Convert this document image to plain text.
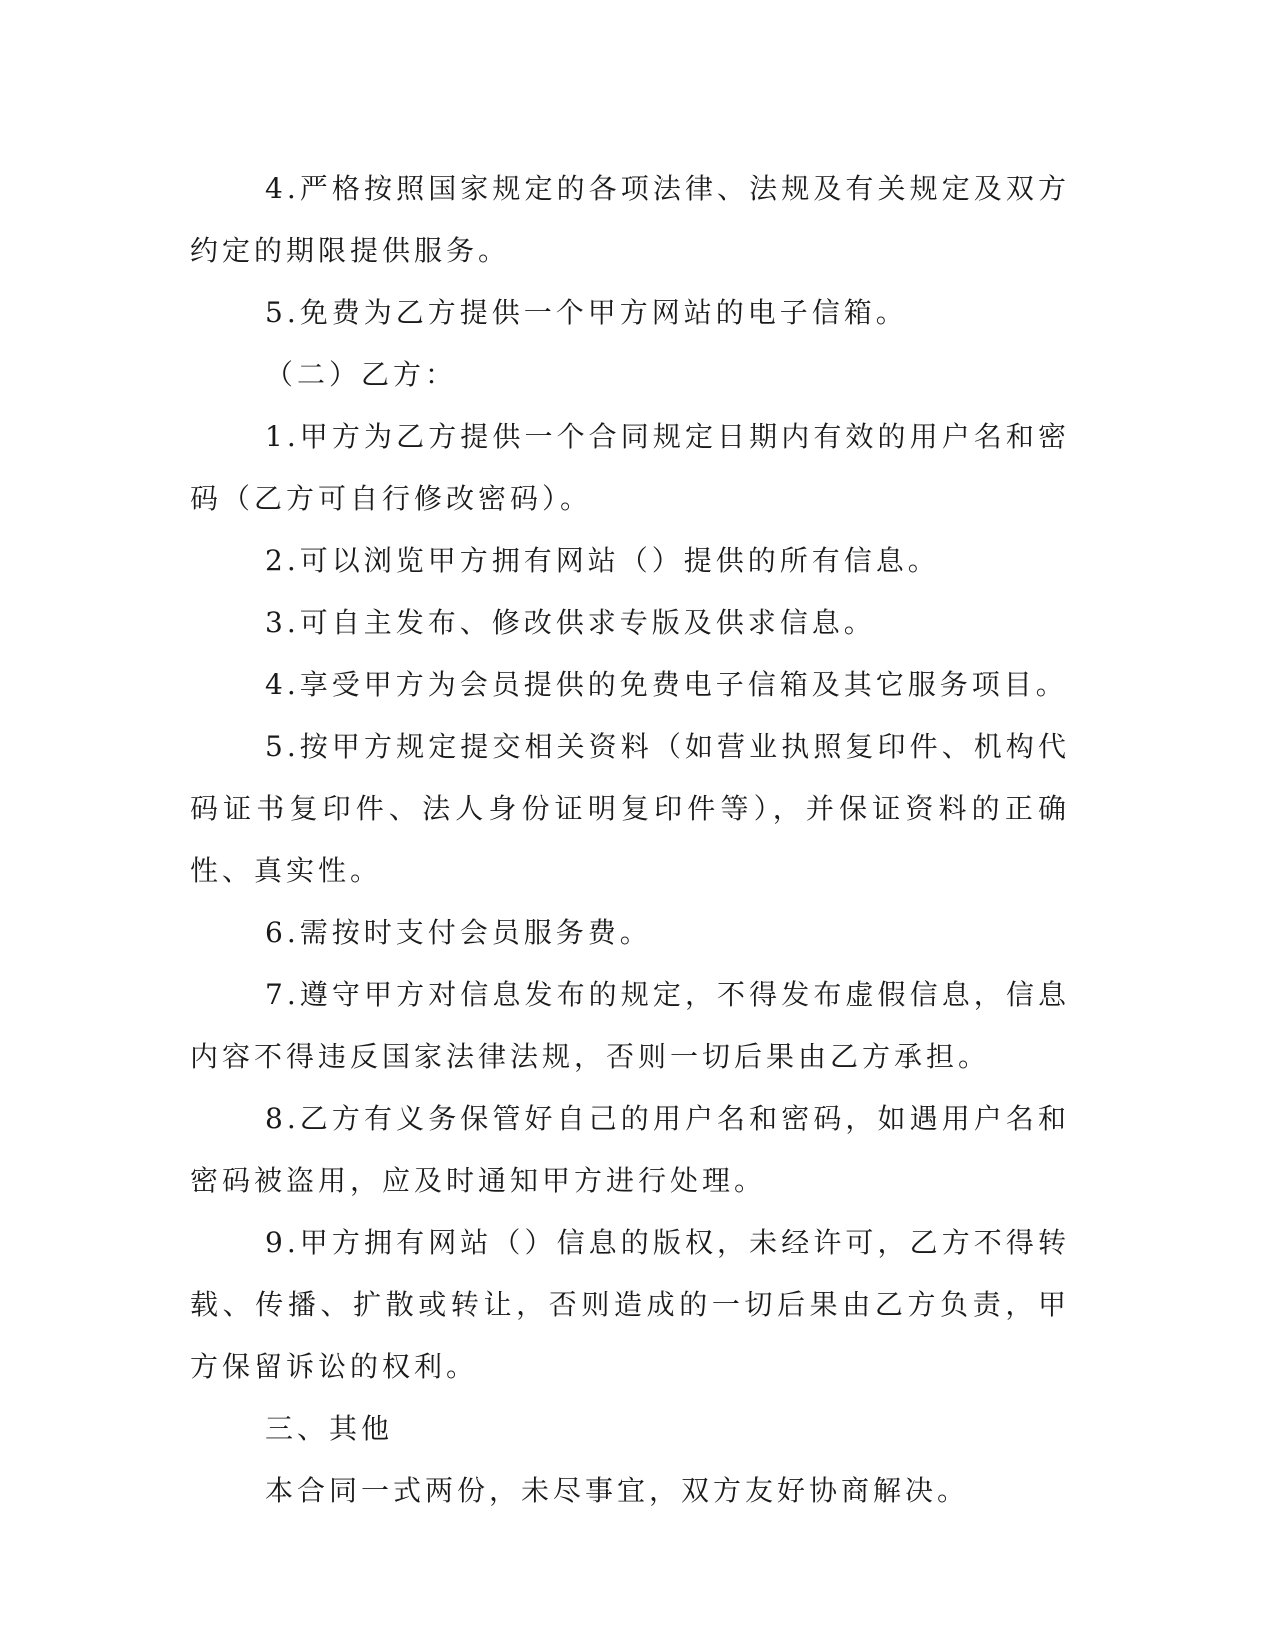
4.严格按照国家规定的各项法律、法规及有关规定及双方约定的期限提供服务。

5.免费为乙方提供一个甲方网站的电子信箱。

（二）乙方：

1.甲方为乙方提供一个合同规定日期内有效的用户名和密码（乙方可自行修改密码）。

2.可以浏览甲方拥有网站（）提供的所有信息。

3.可自主发布、修改供求专版及供求信息。

4.享受甲方为会员提供的免费电子信箱及其它服务项目。

5.按甲方规定提交相关资料（如营业执照复印件、机构代码证书复印件、法人身份证明复印件等），并保证资料的正确性、真实性。

6.需按时支付会员服务费。

7.遵守甲方对信息发布的规定，不得发布虚假信息，信息内容不得违反国家法律法规，否则一切后果由乙方承担。

8.乙方有义务保管好自己的用户名和密码，如遇用户名和密码被盗用，应及时通知甲方进行处理。

9.甲方拥有网站（）信息的版权，未经许可，乙方不得转载、传播、扩散或转让，否则造成的一切后果由乙方负责，甲方保留诉讼的权利。

三、其他

本合同一式两份，未尽事宜，双方友好协商解决。
